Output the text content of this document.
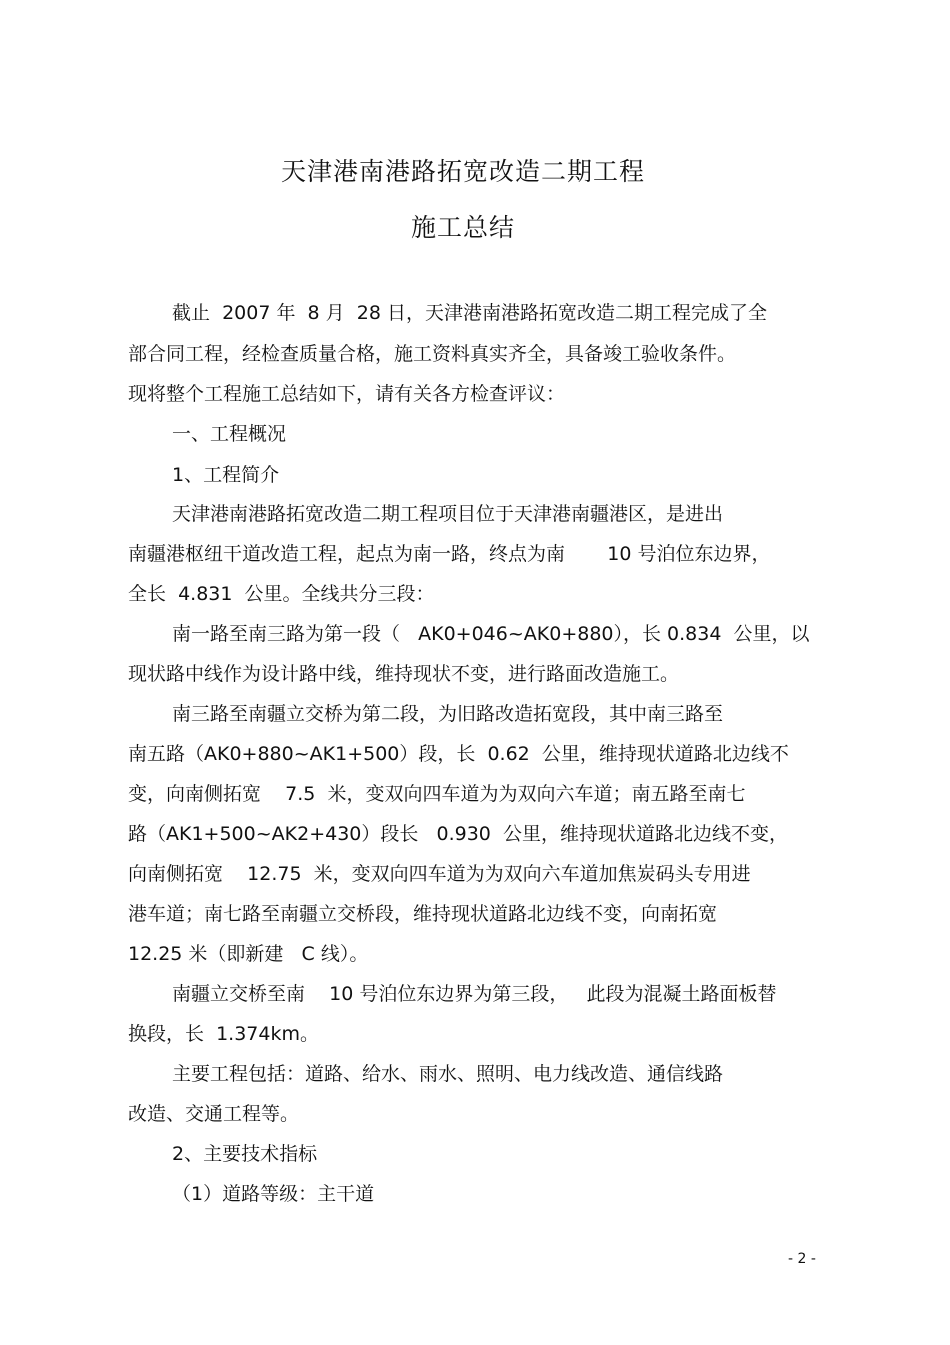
天津港南港路拓宽改造二期工程
施工总结
截止  2007 年  8 月  28 日，天津港南港路拓宽改造二期工程完成了全
部合同工程，经检查质量合格，施工资料真实齐全，具备竣工验收条件。
现将整个工程施工总结如下，请有关各方检查评议：
一、工程概况
1、工程简介
天津港南港路拓宽改造二期工程项目位于天津港南疆港区，是进出
南疆港枢纽干道改造工程，起点为南一路，终点为南       10 号泊位东边界，
全长  4.831  公里。全线共分三段：
南一路至南三路为第一段（   AK0+046~AK0+880），长 0.834  公里，以
现状路中线作为设计路中线，维持现状不变，进行路面改造施工。
南三路至南疆立交桥为第二段，为旧路改造拓宽段，其中南三路至
南五路（AK0+880~AK1+500）段，长  0.62  公里，维持现状道路北边线不
变，向南侧拓宽    7.5  米，变双向四车道为为双向六车道；南五路至南七
路（AK1+500~AK2+430）段长   0.930  公里，维持现状道路北边线不变，
向南侧拓宽    12.75  米，变双向四车道为为双向六车道加焦炭码头专用进
港车道；南七路至南疆立交桥段，维持现状道路北边线不变，向南拓宽
12.25 米（即新建   C 线）。
南疆立交桥至南    10 号泊位东边界为第三段，   此段为混凝土路面板替
换段，长  1.374km。
主要工程包括：道路、给水、雨水、照明、电力线改造、通信线路
改造、交通工程等。
2、主要技术指标
（1）道路等级：主干道
- 2 -
